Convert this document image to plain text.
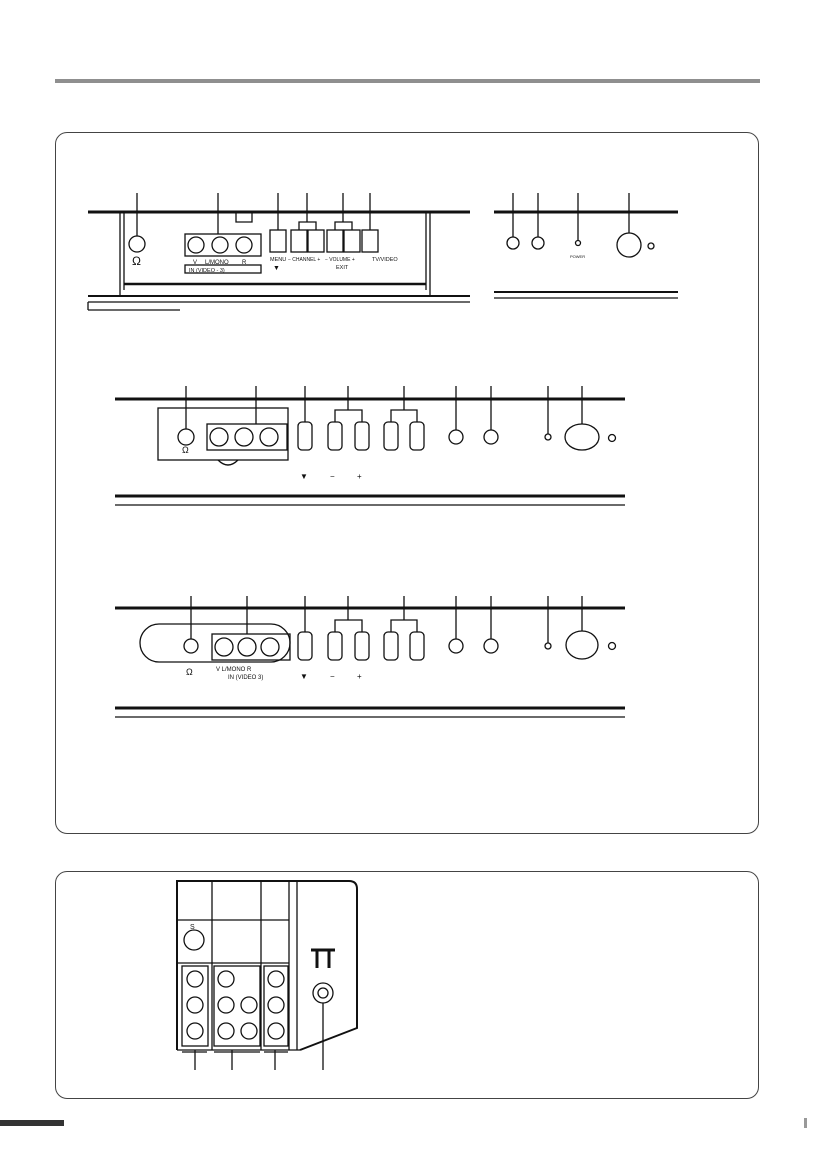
Ω	V L/MONO R
IN (VIDEO - 3)
MENU
▼
− CHANNEL + − VOLUME +
EXIT
TV/VIDEO
POWER
Ω
▼	−	+
Ω	V L/MONO R
IN (VIDEO 3)	▼	−	+
S
